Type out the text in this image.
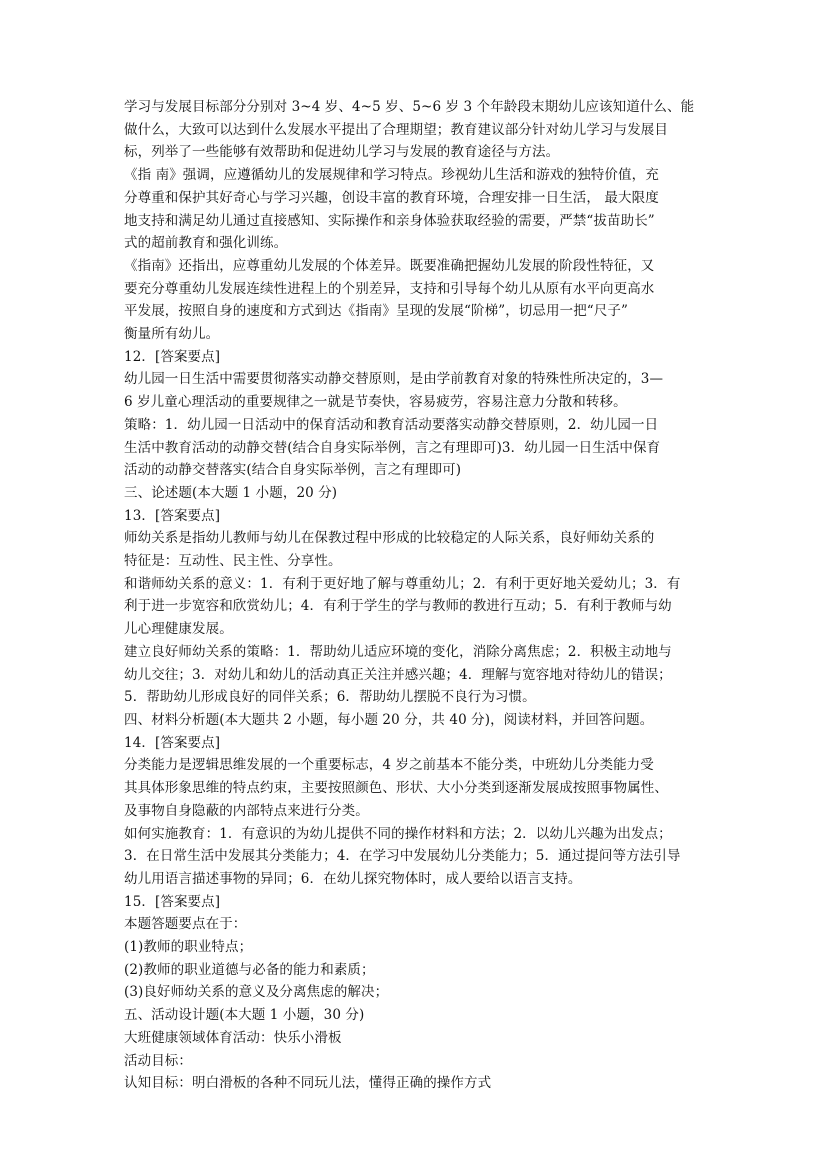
学习与发展目标部分分别对 3~4 岁、4~5 岁、5~6 岁 3 个年龄段末期幼儿应该知道什么、能
做什么，大致可以达到什么发展水平提出了合理期望；教育建议部分针对幼儿学习与发展目
标，列举了一些能够有效帮助和促进幼儿学习与发展的教育途径与方法。
《指 南》强调，应遵循幼儿的发展规律和学习特点。珍视幼儿生活和游戏的独特价值，充
分尊重和保护其好奇心与学习兴趣，创设丰富的教育环境，合理安排一日生活， 最大限度
地支持和满足幼儿通过直接感知、实际操作和亲身体验获取经验的需要，严禁“拔苗助长”
式的超前教育和强化训练。
《指南》还指出，应尊重幼儿发展的个体差异。既要准确把握幼儿发展的阶段性特征，又
要充分尊重幼儿发展连续性进程上的个别差异，支持和引导每个幼儿从原有水平向更高水
平发展，按照自身的速度和方式到达《指南》呈现的发展“阶梯”，切忌用一把“尺子”
衡量所有幼儿。
12．[答案要点]
幼儿园一日生活中需要贯彻落实动静交替原则，是由学前教育对象的特殊性所决定的，3—
6 岁儿童心理活动的重要规律之一就是节奏快，容易疲劳，容易注意力分散和转移。
策略：1．幼儿园一日活动中的保育活动和教育活动要落实动静交替原则，2．幼儿园一日
生活中教育活动的动静交替(结合自身实际举例，言之有理即可)3．幼儿园一日生活中保育
活动的动静交替落实(结合自身实际举例，言之有理即可)
三、论述题(本大题 1 小题，20 分)
13．[答案要点]
师幼关系是指幼儿教师与幼儿在保教过程中形成的比较稳定的人际关系，良好师幼关系的
特征是：互动性、民主性、分享性。
和谐师幼关系的意义：1．有利于更好地了解与尊重幼儿；2．有利于更好地关爱幼儿；3．有
利于进一步宽容和欣赏幼儿；4．有利于学生的学与教师的教进行互动；5．有利于教师与幼
儿心理健康发展。
建立良好师幼关系的策略：1．帮助幼儿适应环境的变化，消除分离焦虑；2．积极主动地与
幼儿交往；3．对幼儿和幼儿的活动真正关注并感兴趣；4．理解与宽容地对待幼儿的错误；
5．帮助幼儿形成良好的同伴关系；6．帮助幼儿摆脱不良行为习惯。
四、材料分析题(本大题共 2 小题，每小题 20 分，共 40 分)，阅读材料，并回答问题。
14．[答案要点]
分类能力是逻辑思维发展的一个重要标志，4 岁之前基本不能分类，中班幼儿分类能力受
其具体形象思维的特点约束，主要按照颜色、形状、大小分类到逐渐发展成按照事物属性、
及事物自身隐蔽的内部特点来进行分类。
如何实施教育：1．有意识的为幼儿提供不同的操作材料和方法；2．以幼儿兴趣为出发点；
3．在日常生活中发展其分类能力；4．在学习中发展幼儿分类能力；5．通过提问等方法引导
幼儿用语言描述事物的异同；6．在幼儿探究物体时，成人要给以语言支持。
15．[答案要点]
本题答题要点在于：
(1)教师的职业特点；
(2)教师的职业道德与必备的能力和素质；
(3)良好师幼关系的意义及分离焦虑的解决；
五、活动设计题(本大题 1 小题，30 分)
大班健康领域体育活动：快乐小滑板
活动目标：
认知目标：明白滑板的各种不同玩儿法，懂得正确的操作方式
